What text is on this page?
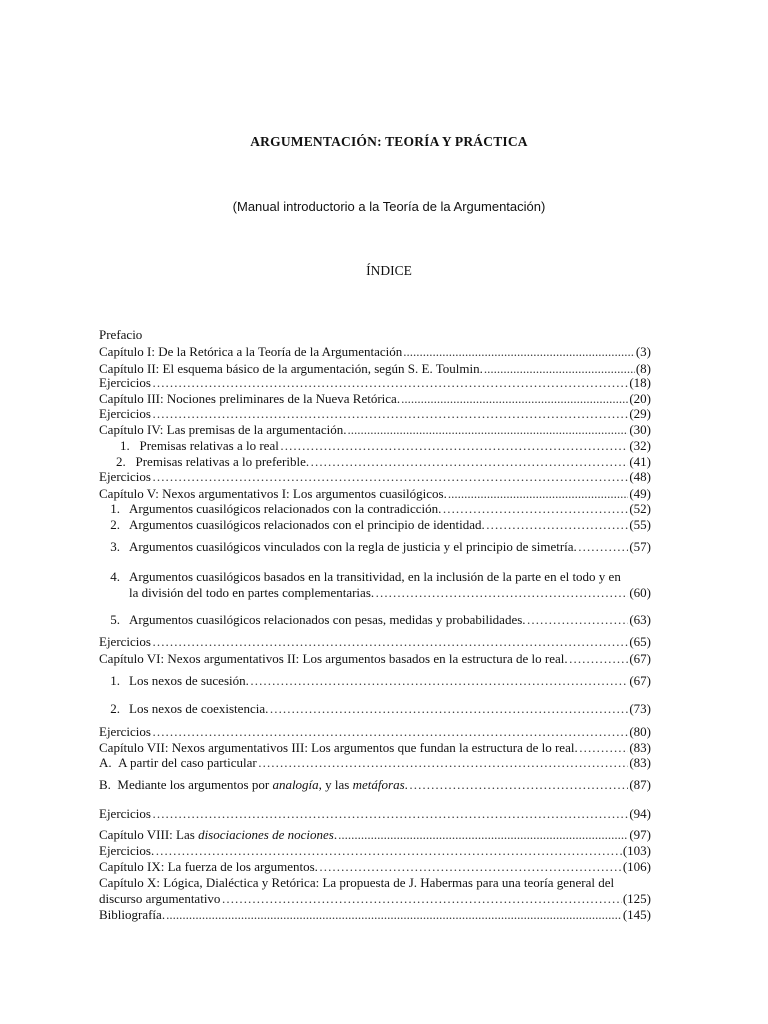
ARGUMENTACIÓN: TEORÍA Y PRÁCTICA
(Manual introductorio a la Teoría de la Argumentación)
ÍNDICE
Prefacio
Capítulo I: De la Retórica a la Teoría de la Argumentación .....	(3)
Capítulo II: El esquema básico de la argumentación, según S. E. Toulmin. .....	(8)
Ejercicios ………………………………………………………………………………………………………………………………………………………………	(18)
Capítulo III: Nociones preliminares de la Nueva Retórica. .....	(20)
Ejercicios ………………………………………………………………………………………………………………………………………………………………	(29)
Capítulo IV: Las premisas de la argumentación. .....	(30)
1. Premisas relativas a lo real ………………………………………………………………………………………………………………………………………………………………	(32)
2. Premisas relativas a lo preferible. ………………………………………………………………………………………………………………………………………………………………	(41)
Ejercicios ………………………………………………………………………………………………………………………………………………………………	(48)
Capítulo V: Nexos argumentativos I: Los argumentos cuasilógicos. .....	(49)
1. Argumentos cuasilógicos relacionados con la contradicción. ………………………………………………………………………………………………………………………………………………………………	(52)
2. Argumentos cuasilógicos relacionados con el principio de identidad. ………………………………………………………………………………………………………………………………………………………………	(55)
3. Argumentos cuasilógicos vinculados con la regla de justicia y el principio de simetría. ………………………………………………………………………………………………………………………………………………………………	(57)
4. Argumentos cuasilógicos basados en la transitividad, en la inclusión de la parte en el todo y en
la división del todo en partes complementarias. ……………………………………………………………………………………………………………………………………	(60)
5. Argumentos cuasilógicos relacionados con pesas, medidas y probabilidades. ………………………………………………………………………………………………………………………………………………………………	(63)
Ejercicios ………………………………………………………………………………………………………………………………………………………………	(65)
Capítulo VI: Nexos argumentativos II: Los argumentos basados en la estructura de lo real. ………………………………………………………………………………………………………………………………………………………………	(67)
1. Los nexos de sucesión. ………………………………………………………………………………………………………………………………………………………………	(67)
2. Los nexos de coexistencia. ………………………………………………………………………………………………………………………………………………………………	(73)
Ejercicios ………………………………………………………………………………………………………………………………………………………………	(80)
Capítulo VII: Nexos argumentativos III: Los argumentos que fundan la estructura de lo real. ………………………………………………………………………………………………………………………………………………………………	(83)
A. A partir del caso particular ………………………………………………………………………………………………………………………………………………………………	(83)
B. Mediante los argumentos por analogía, y las metáforas. ………………………………………………………………………………………………………………………………………………………………	(87)
Ejercicios ………………………………………………………………………………………………………………………………………………………………	(94)
Capítulo VIII: Las disociaciones de nociones. .....	(97)
Ejercicios. ………………………………………………………………………………………………………………………………………………………………	(103)
Capítulo IX: La fuerza de los argumentos. ………………………………………………………………………………………………………………………………………………………………	(106)
Capítulo X: Lógica, Dialéctica y Retórica: La propuesta de J. Habermas para una teoría general del
discurso argumentativo ……………………………………………………………………………………………………………………………………	(125)
Bibliografía. .....	(145)
